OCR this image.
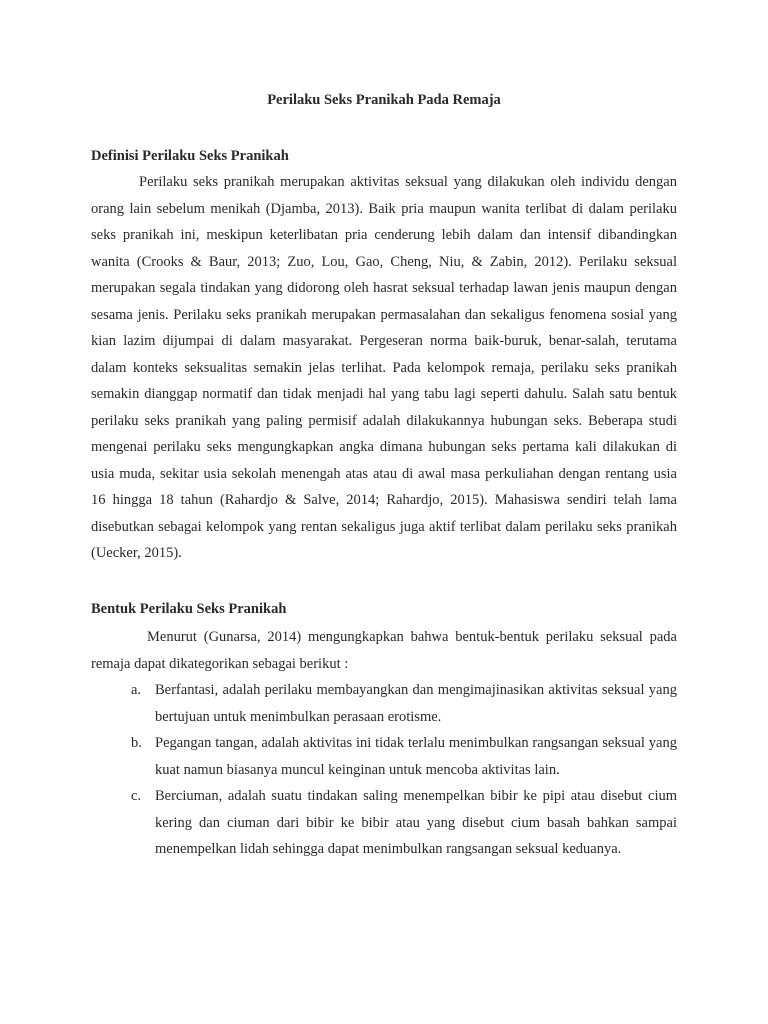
Perilaku Seks Pranikah Pada Remaja
Definisi Perilaku Seks Pranikah

Perilaku seks pranikah merupakan aktivitas seksual yang dilakukan oleh individu dengan orang lain sebelum menikah (Djamba, 2013). Baik pria maupun wanita terlibat di dalam perilaku seks pranikah ini, meskipun keterlibatan pria cenderung lebih dalam dan intensif dibandingkan wanita (Crooks & Baur, 2013; Zuo, Lou, Gao, Cheng, Niu, & Zabin, 2012). Perilaku seksual merupakan segala tindakan yang didorong oleh hasrat seksual terhadap lawan jenis maupun dengan sesama jenis. Perilaku seks pranikah merupakan permasalahan dan sekaligus fenomena sosial yang kian lazim dijumpai di dalam masyarakat. Pergeseran norma baik-buruk, benar-salah, terutama dalam konteks seksualitas semakin jelas terlihat. Pada kelompok remaja, perilaku seks pranikah semakin dianggap normatif dan tidak menjadi hal yang tabu lagi seperti dahulu. Salah satu bentuk perilaku seks pranikah yang paling permisif adalah dilakukannya hubungan seks. Beberapa studi mengenai perilaku seks mengungkapkan angka dimana hubungan seks pertama kali dilakukan di usia muda, sekitar usia sekolah menengah atas atau di awal masa perkuliahan dengan rentang usia 16 hingga 18 tahun (Rahardjo & Salve, 2014; Rahardjo, 2015). Mahasiswa sendiri telah lama disebutkan sebagai kelompok yang rentan sekaligus juga aktif terlibat dalam perilaku seks pranikah (Uecker, 2015).

Bentuk Perilaku Seks Pranikah

Menurut (Gunarsa, 2014) mengungkapkan bahwa bentuk-bentuk perilaku seksual pada remaja dapat dikategorikan sebagai berikut :

a. Berfantasi, adalah perilaku membayangkan dan mengimajinasikan aktivitas seksual yang bertujuan untuk menimbulkan perasaan erotisme.
b. Pegangan tangan, adalah aktivitas ini tidak terlalu menimbulkan rangsangan seksual yang kuat namun biasanya muncul keinginan untuk mencoba aktivitas lain.
c. Berciuman, adalah suatu tindakan saling menempelkan bibir ke pipi atau disebut cium kering dan ciuman dari bibir ke bibir atau yang disebut cium basah bahkan sampai menempelkan lidah sehingga dapat menimbulkan rangsangan seksual keduanya.
